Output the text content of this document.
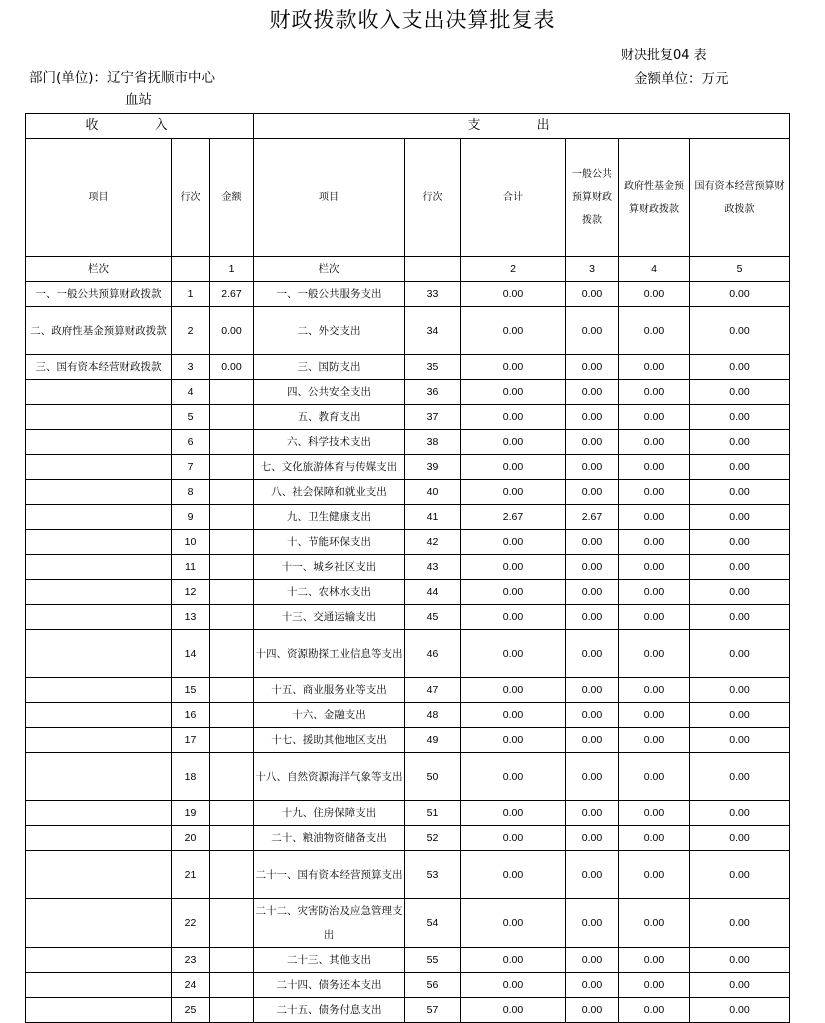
财政拨款收入支出决算批复表
财决批复04 表
部门(单位)：辽宁省抚顺市中心
血站
金额单位：万元
收 入			支 出					
项目	行次	金额	项目	行次	合计	一般公共预算财政拨款	政府性基金预算财政拨款	国有资本经营预算财政拨款
栏次		1	栏次		2	3	4	5
一、一般公共预算财政拨款	1	2.67	一、一般公共服务支出	33	0.00	0.00	0.00	0.00
二、政府性基金预算财政拨款	2	0.00	二、外交支出	34	0.00	0.00	0.00	0.00
三、国有资本经营财政拨款	3	0.00	三、国防支出	35	0.00	0.00	0.00	0.00
	4		四、公共安全支出	36	0.00	0.00	0.00	0.00
	5		五、教育支出	37	0.00	0.00	0.00	0.00
	6		六、科学技术支出	38	0.00	0.00	0.00	0.00
	7		七、文化旅游体育与传媒支出	39	0.00	0.00	0.00	0.00
	8		八、社会保障和就业支出	40	0.00	0.00	0.00	0.00
	9		九、卫生健康支出	41	2.67	2.67	0.00	0.00
	10		十、节能环保支出	42	0.00	0.00	0.00	0.00
	11		十一、城乡社区支出	43	0.00	0.00	0.00	0.00
	12		十二、农林水支出	44	0.00	0.00	0.00	0.00
	13		十三、交通运输支出	45	0.00	0.00	0.00	0.00
	14		十四、资源勘探工业信息等支出	46	0.00	0.00	0.00	0.00
	15		十五、商业服务业等支出	47	0.00	0.00	0.00	0.00
	16		十六、金融支出	48	0.00	0.00	0.00	0.00
	17		十七、援助其他地区支出	49	0.00	0.00	0.00	0.00
	18		十八、自然资源海洋气象等支出	50	0.00	0.00	0.00	0.00
	19		十九、住房保障支出	51	0.00	0.00	0.00	0.00
	20		二十、粮油物资储备支出	52	0.00	0.00	0.00	0.00
	21		二十一、国有资本经营预算支出	53	0.00	0.00	0.00	0.00
	22		二十二、灾害防治及应急管理支出	54	0.00	0.00	0.00	0.00
	23		二十三、其他支出	55	0.00	0.00	0.00	0.00
	24		二十四、债务还本支出	56	0.00	0.00	0.00	0.00
	25		二十五、债务付息支出	57	0.00	0.00	0.00	0.00
